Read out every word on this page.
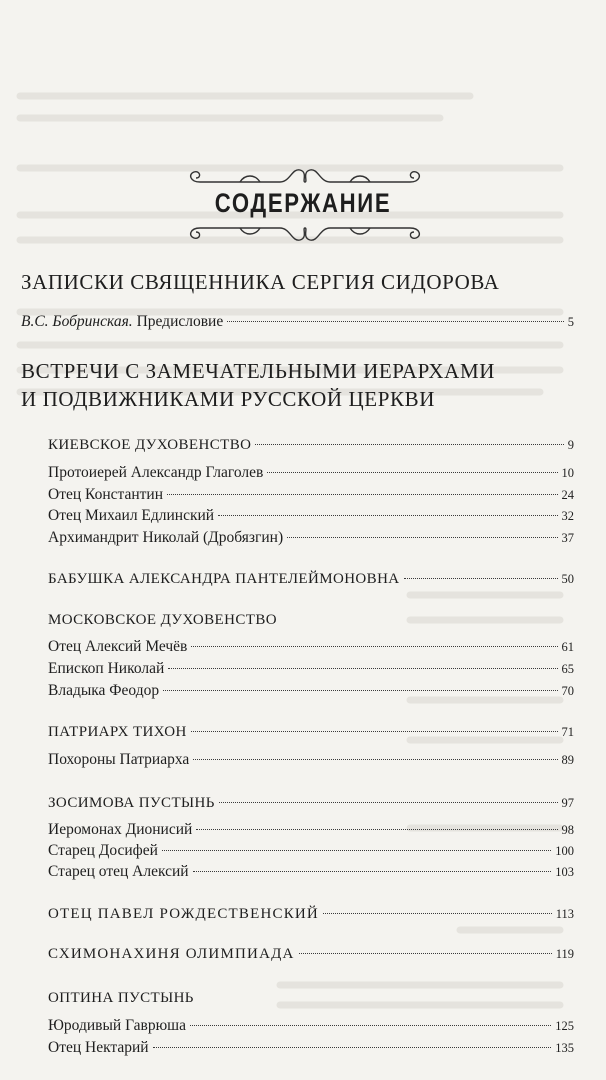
СОДЕРЖАНИЕ
ЗАПИСКИ СВЯЩЕННИКА СЕРГИЯ СИДОРОВА
В.С. Бобринская. Предисловие	5
ВСТРЕЧИ С ЗАМЕЧАТЕЛЬНЫМИ ИЕРАРХАМИ
И ПОДВИЖНИКАМИ РУССКОЙ ЦЕРКВИ
КИЕВСКОЕ ДУХОВЕНСТВО	9
Протоиерей Александр Глаголев	10
Отец Константин	24
Отец Михаил Едлинский	32
Архимандрит Николай (Дробязгин)	37
БАБУШКА АЛЕКСАНДРА ПАНТЕЛЕЙМОНОВНА	50
МОСКОВСКОЕ ДУХОВЕНСТВО
Отец Алексий Мечёв	61
Епископ Николай	65
Владыка Феодор	70
ПАТРИАРХ ТИХОН	71
Похороны Патриарха	89
ЗОСИМОВА ПУСТЫНЬ	97
Иеромонах Дионисий	98
Старец Досифей	100
Старец отец Алексий	103
ОТЕЦ ПАВЕЛ РОЖДЕСТВЕНСКИЙ	113
СХИМОНАХИНЯ ОЛИМПИАДА	119
ОПТИНА ПУСТЫНЬ
Юродивый Гаврюша	125
Отец Нектарий	135
